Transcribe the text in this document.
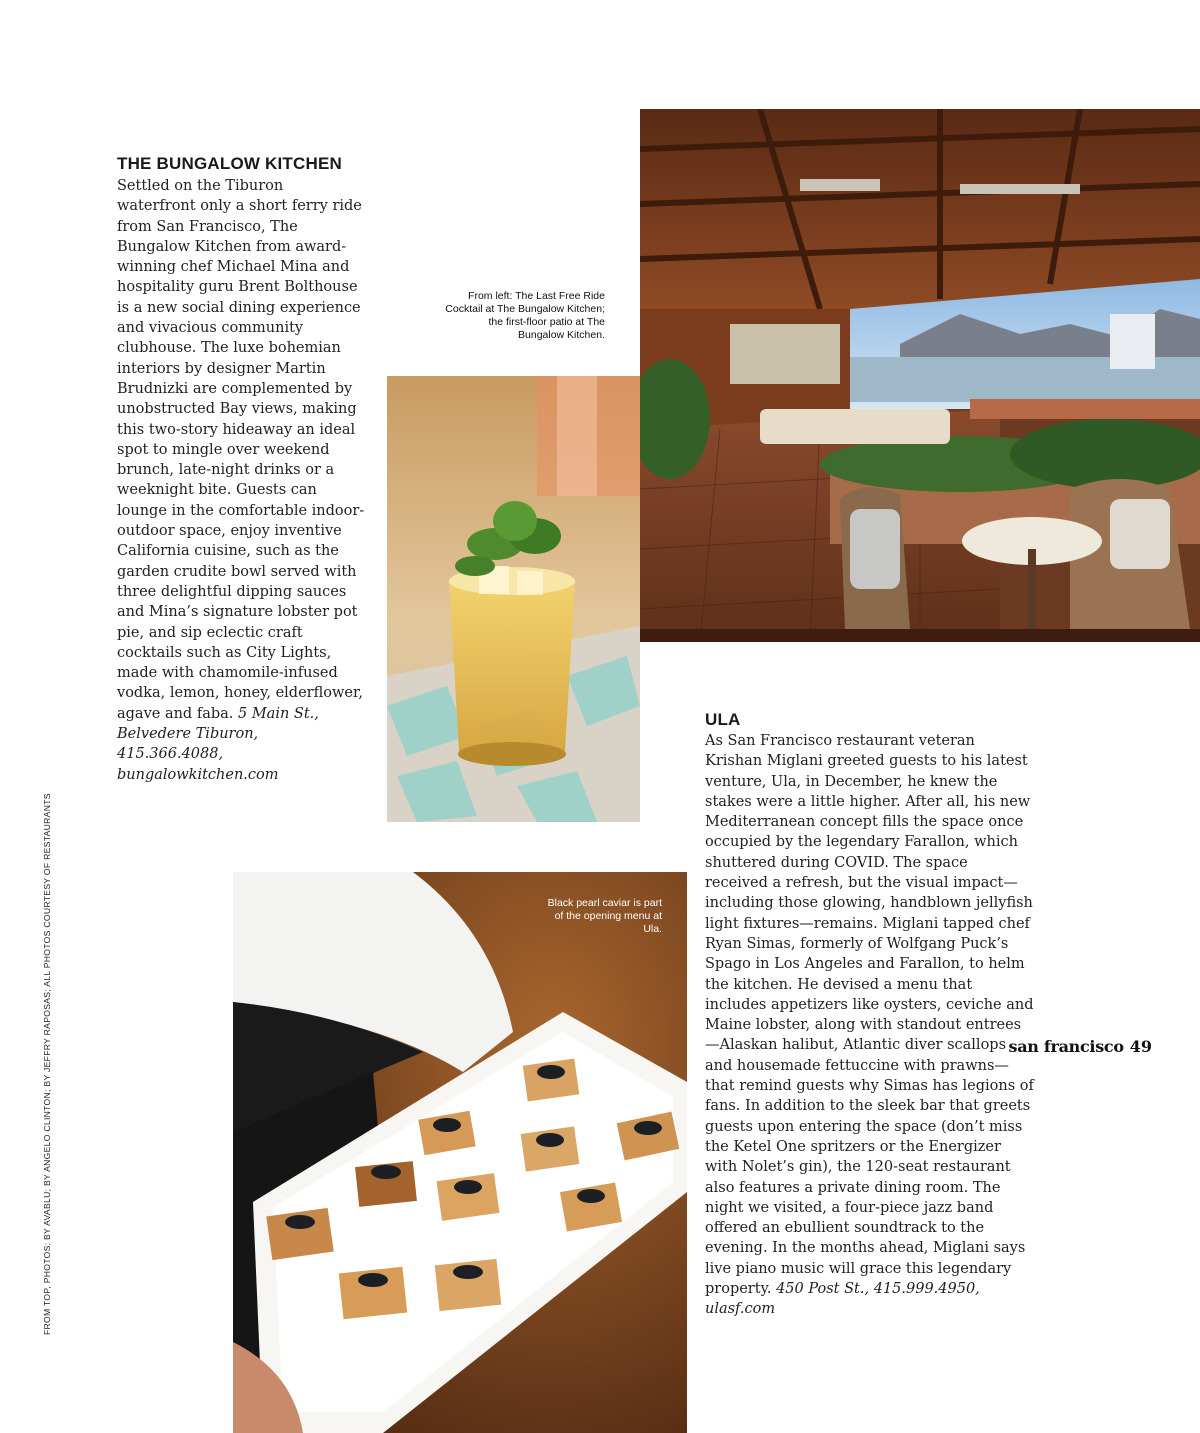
THE BUNGALOW KITCHEN

Settled on the Tiburon waterfront only a short ferry ride from San Francisco, The Bungalow Kitchen from award-winning chef Michael Mina and hospitality guru Brent Bolthouse is a new social dining experience and vivacious community clubhouse. The luxe bohemian interiors by designer Martin Brudnizki are complemented by unobstructed Bay views, making this two-story hideaway an ideal spot to mingle over weekend brunch, late-night drinks or a weeknight bite. Guests can lounge in the comfortable indoor-outdoor space, enjoy inventive California cuisine, such as the garden crudite bowl served with three delightful dipping sauces and Mina’s signature lobster pot pie, and sip eclectic craft cocktails such as City Lights, made with chamomile-infused vodka, lemon, honey, elderflower, agave and faba. 5 Main St., Belvedere Tiburon, 415.366.4088, bungalowkitchen.com

From left: The Last Free Ride Cocktail at The Bungalow Kitchen; the first-floor patio at The Bungalow Kitchen.

Black pearl caviar is part of the opening menu at Ula.

ULA

As San Francisco restaurant veteran Krishan Miglani greeted guests to his latest venture, Ula, in December, he knew the stakes were a little higher. After all, his new Mediterranean concept fills the space once occupied by the legendary Farallon, which shuttered during COVID. The space received a refresh, but the visual impact—including those glowing, handblown jellyfish light fixtures—remains. Miglani tapped chef Ryan Simas, formerly of Wolfgang Puck’s Spago in Los Angeles and Farallon, to helm the kitchen. He devised a menu that includes appetizers like oysters, ceviche and Maine lobster, along with standout entrees—Alaskan halibut, Atlantic diver scallops and housemade fettuccine with prawns—that remind guests why Simas has legions of fans. In addition to the sleek bar that greets guests upon entering the space (don’t miss the Ketel One spritzers or the Energizer with Nolet’s gin), the 120-seat restaurant also features a private dining room. The night we visited, a four-piece jazz band offered an ebullient soundtrack to the evening. In the months ahead, Miglani says live piano music will grace this legendary property. 450 Post St., 415.999.4950, ulasf.com

FROM TOP, PHOTOS: BY AVABLU; BY ANGELO CLINTON; BY JEFFRY RAPOSAS; ALL PHOTOS COURTESY OF RESTAURANTS	san francisco 49
